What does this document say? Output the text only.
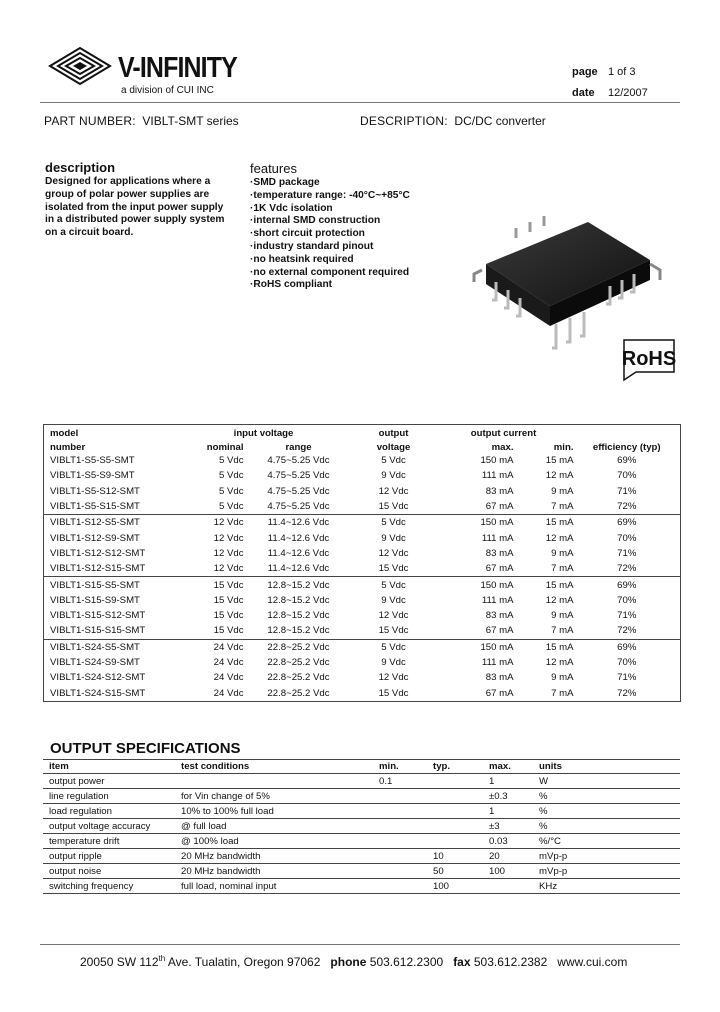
V-INFINITY
a division of CUI INC
page 1 of 3
date 12/2007
PART NUMBER: VIBLT-SMT series	DESCRIPTION: DC/DC converter
description
Designed for applications where a group of polar power supplies are isolated from the input power supply in a distributed power supply system on a circuit board.
features
·SMD package
·temperature range: -40°C~+85°C
·1K Vdc isolation
·internal SMD construction
·short circuit protection
·industry standard pinout
·no heatsink required
·no external component required
·RoHS compliant
RoHS
model	input voltage		output	output current		
number	nominal	range	voltage	max.	min.	efficiency (typ)
VIBLT1-S5-S5-SMT	5 Vdc	4.75~5.25 Vdc	5 Vdc	150 mA	15 mA	69%
VIBLT1-S5-S9-SMT	5 Vdc	4.75~5.25 Vdc	9 Vdc	111 mA	12 mA	70%
VIBLT1-S5-S12-SMT	5 Vdc	4.75~5.25 Vdc	12 Vdc	83 mA	9 mA	71%
VIBLT1-S5-S15-SMT	5 Vdc	4.75~5.25 Vdc	15 Vdc	67 mA	7 mA	72%
VIBLT1-S12-S5-SMT	12 Vdc	11.4~12.6 Vdc	5 Vdc	150 mA	15 mA	69%
VIBLT1-S12-S9-SMT	12 Vdc	11.4~12.6 Vdc	9 Vdc	111 mA	12 mA	70%
VIBLT1-S12-S12-SMT	12 Vdc	11.4~12.6 Vdc	12 Vdc	83 mA	9 mA	71%
VIBLT1-S12-S15-SMT	12 Vdc	11.4~12.6 Vdc	15 Vdc	67 mA	7 mA	72%
VIBLT1-S15-S5-SMT	15 Vdc	12.8~15.2 Vdc	5 Vdc	150 mA	15 mA	69%
VIBLT1-S15-S9-SMT	15 Vdc	12.8~15.2 Vdc	9 Vdc	111 mA	12 mA	70%
VIBLT1-S15-S12-SMT	15 Vdc	12.8~15.2 Vdc	12 Vdc	83 mA	9 mA	71%
VIBLT1-S15-S15-SMT	15 Vdc	12.8~15.2 Vdc	15 Vdc	67 mA	7 mA	72%
VIBLT1-S24-S5-SMT	24 Vdc	22.8~25.2 Vdc	5 Vdc	150 mA	15 mA	69%
VIBLT1-S24-S9-SMT	24 Vdc	22.8~25.2 Vdc	9 Vdc	111 mA	12 mA	70%
VIBLT1-S24-S12-SMT	24 Vdc	22.8~25.2 Vdc	12 Vdc	83 mA	9 mA	71%
VIBLT1-S24-S15-SMT	24 Vdc	22.8~25.2 Vdc	15 Vdc	67 mA	7 mA	72%
OUTPUT SPECIFICATIONS
item	test conditions	min.	typ.	max.	units
output power		0.1		1	W
line regulation	for Vin change of 5%			±0.3	%
load regulation	10% to 100% full load			1	%
output voltage accuracy	@ full load			±3	%
temperature drift	@ 100% load			0.03	%/°C
output ripple	20 MHz bandwidth		10	20	mVp-p
output noise	20 MHz bandwidth		50	100	mVp-p
switching frequency	full load, nominal input		100		KHz
20050 SW 112th Ave. Tualatin, Oregon 97062 phone 503.612.2300 fax 503.612.2382 www.cui.com
